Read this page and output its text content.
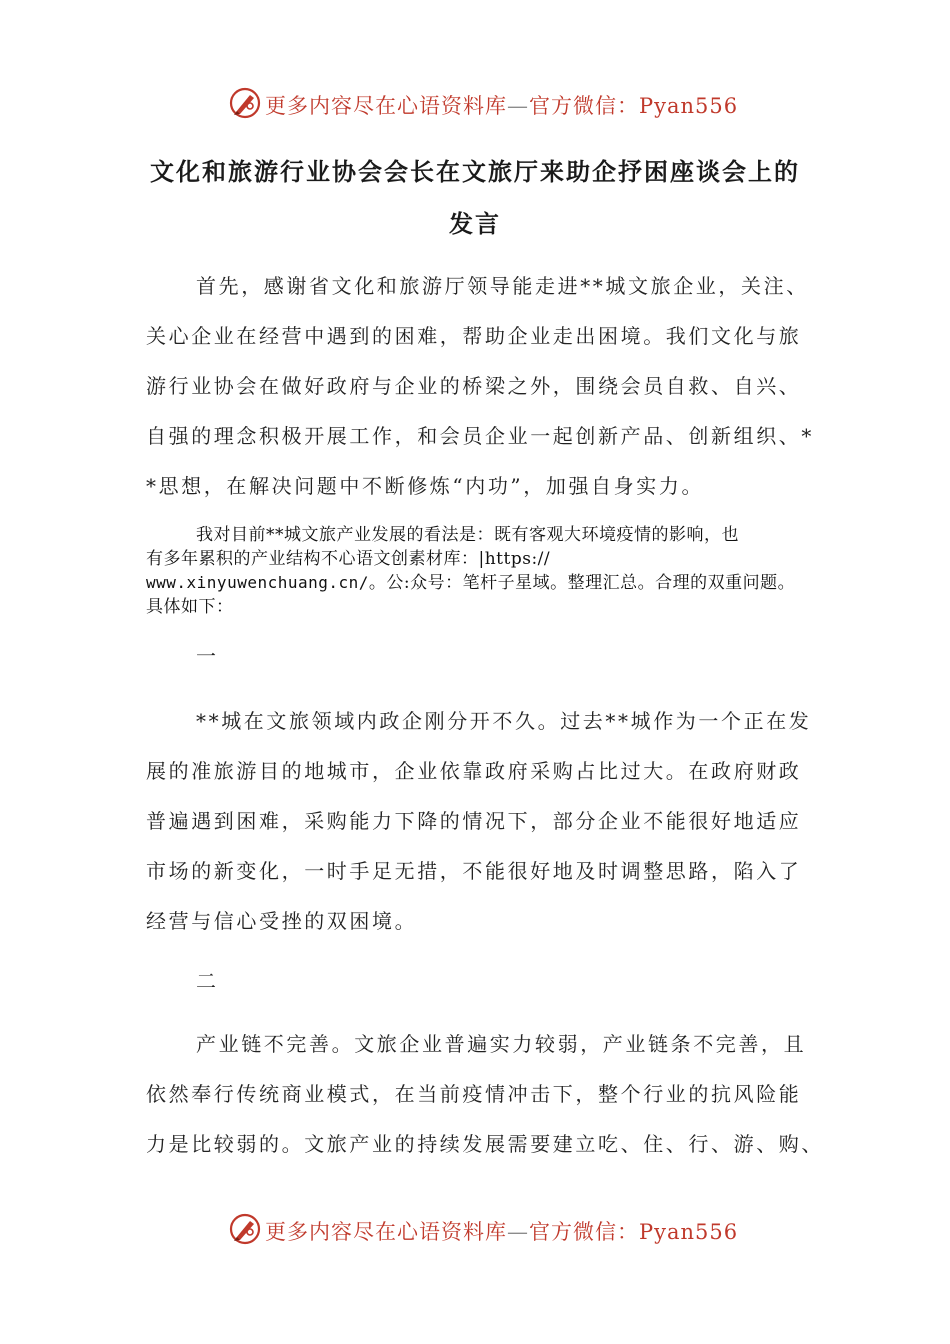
更多内容尽在心语资料库—官方微信：Pyan556
文化和旅游行业协会会长在文旅厅来助企抒困座谈会上的
发言
首先，感谢省文化和旅游厅领导能走进**城文旅企业，关注、
关心企业在经营中遇到的困难，帮助企业走出困境。我们文化与旅
游行业协会在做好政府与企业的桥梁之外，围绕会员自救、自兴、
自强的理念积极开展工作，和会员企业一起创新产品、创新组织、*
*思想，在解决问题中不断修炼“内功”，加强自身实力。
我对目前**城文旅产业发展的看法是：既有客观大环境疫情的影响，也
有多年累积的产业结构不心语文创素材库：|https://
www.xinyuwenchuang.cn/。公:众号：笔杆子星域。整理汇总。合理的双重问题。
具体如下：
一
**城在文旅领域内政企刚分开不久。过去**城作为一个正在发
展的准旅游目的地城市，企业依靠政府采购占比过大。在政府财政
普遍遇到困难，采购能力下降的情况下，部分企业不能很好地适应
市场的新变化，一时手足无措，不能很好地及时调整思路，陷入了
经营与信心受挫的双困境。
二
产业链不完善。文旅企业普遍实力较弱，产业链条不完善，且
依然奉行传统商业模式，在当前疫情冲击下，整个行业的抗风险能
力是比较弱的。文旅产业的持续发展需要建立吃、住、行、游、购、
更多内容尽在心语资料库—官方微信：Pyan556
